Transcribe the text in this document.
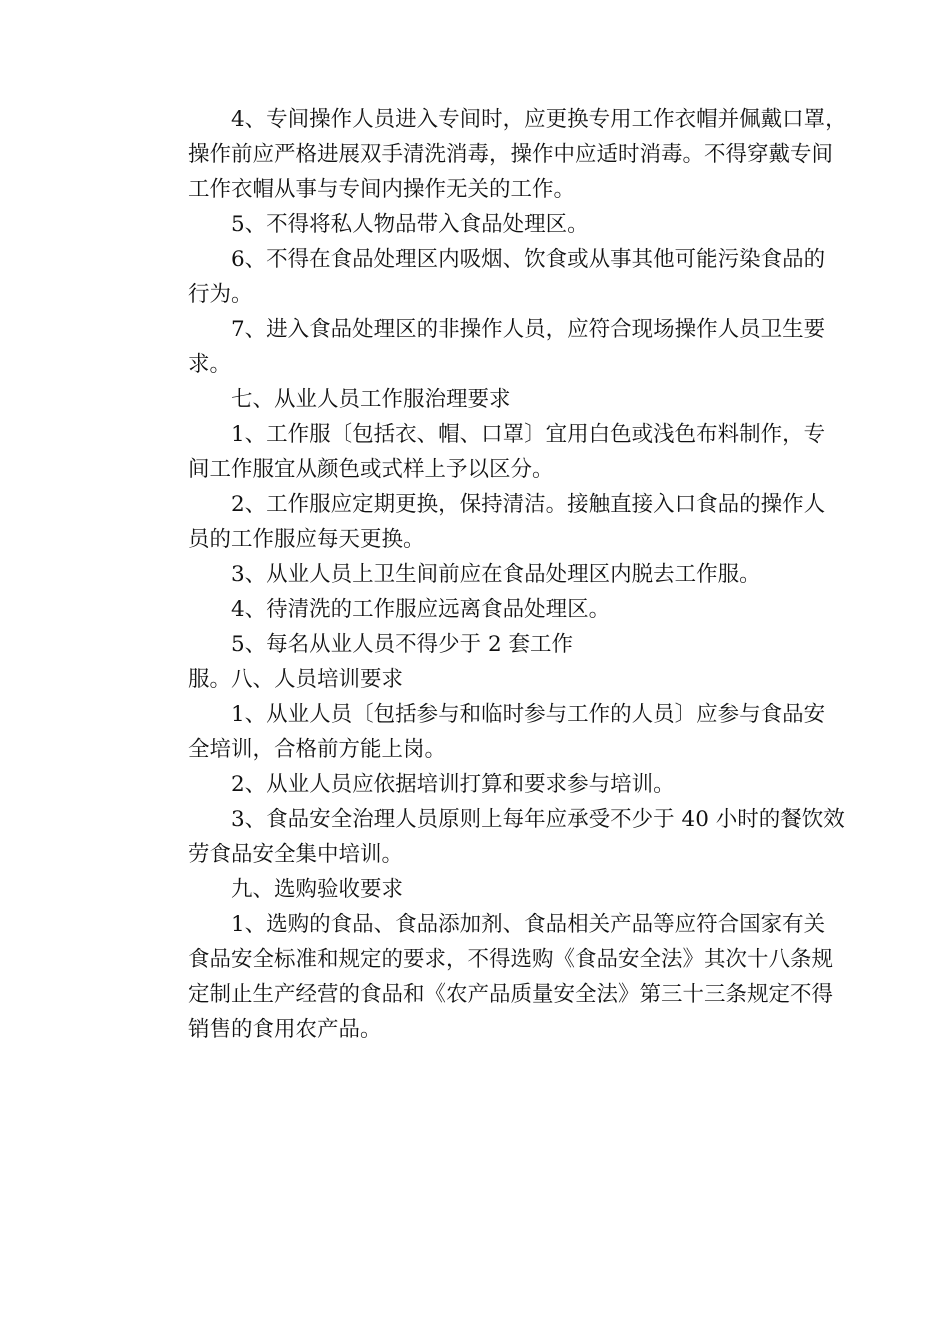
4、专间操作人员进入专间时，应更换专用工作衣帽并佩戴口罩，
操作前应严格进展双手清洗消毒，操作中应适时消毒。不得穿戴专间
工作衣帽从事与专间内操作无关的工作。
5、不得将私人物品带入食品处理区。
6、不得在食品处理区内吸烟、饮食或从事其他可能污染食品的
行为。
7、进入食品处理区的非操作人员，应符合现场操作人员卫生要
求。
七、从业人员工作服治理要求
1、工作服〔包括衣、帽、口罩〕宜用白色或浅色布料制作，专
间工作服宜从颜色或式样上予以区分。
2、工作服应定期更换，保持清洁。接触直接入口食品的操作人
员的工作服应每天更换。
3、从业人员上卫生间前应在食品处理区内脱去工作服。
4、待清洗的工作服应远离食品处理区。
5、每名从业人员不得少于 2 套工作
服。八、人员培训要求
1、从业人员〔包括参与和临时参与工作的人员〕应参与食品安
全培训，合格前方能上岗。
2、从业人员应依据培训打算和要求参与培训。
3、食品安全治理人员原则上每年应承受不少于 40 小时的餐饮效
劳食品安全集中培训。
九、选购验收要求
1、选购的食品、食品添加剂、食品相关产品等应符合国家有关
食品安全标准和规定的要求，不得选购《食品安全法》其次十八条规
定制止生产经营的食品和《农产品质量安全法》第三十三条规定不得
销售的食用农产品。
